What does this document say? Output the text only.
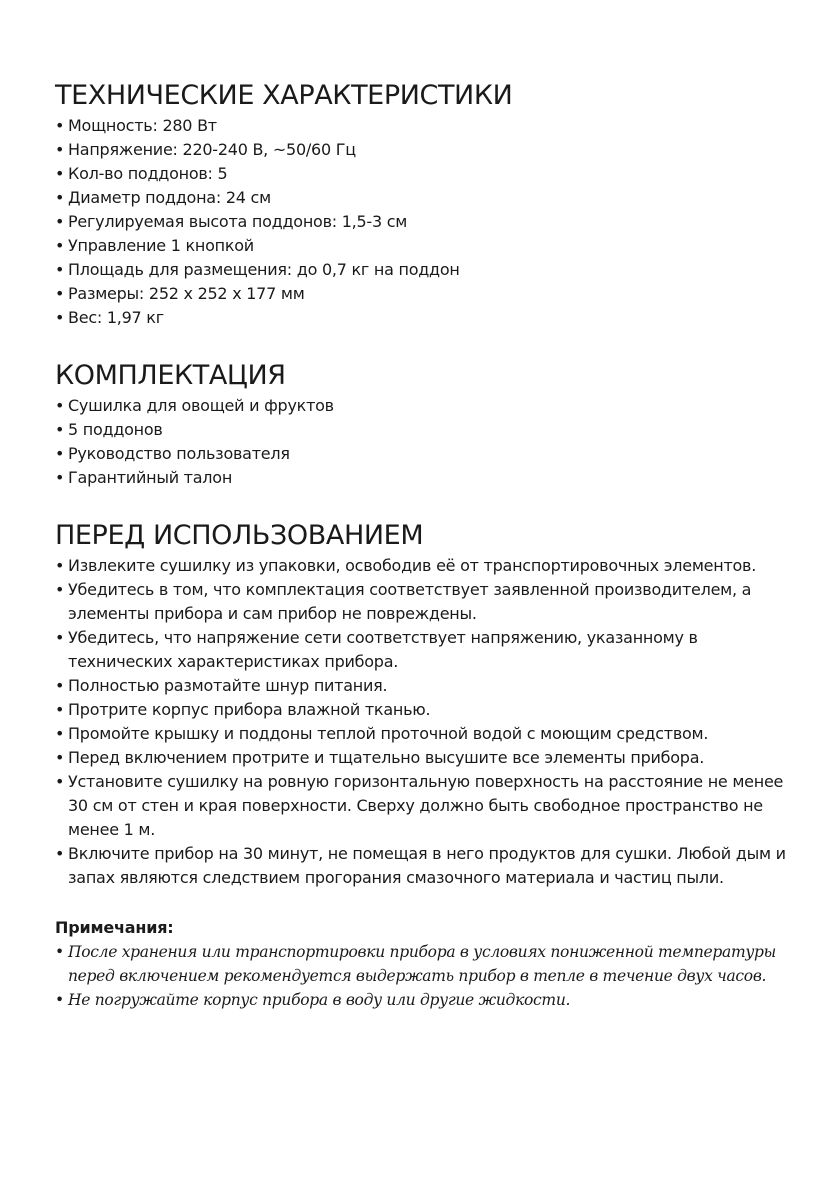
ТЕХНИЧЕСКИЕ ХАРАКТЕРИСТИКИ
• Мощность: 280 Вт
• Напряжение: 220-240 В, ~50/60 Гц
• Кол-во поддонов: 5
• Диаметр поддона: 24 см
• Регулируемая высота поддонов: 1,5-3 см
• Управление 1 кнопкой
• Площадь для размещения: до 0,7 кг на поддон
• Размеры: 252 x 252 x 177 мм
• Вес: 1,97 кг
КОМПЛЕКТАЦИЯ
• Сушилка для овощей и фруктов
• 5 поддонов
• Руководство пользователя
• Гарантийный талон
ПЕРЕД ИСПОЛЬЗОВАНИЕМ
• Извлеките сушилку из упаковки, освободив её от транспортировочных элементов.
• Убедитесь в том, что комплектация соответствует заявленной производителем, а элементы прибора и сам прибор не повреждены.
• Убедитесь, что напряжение сети соответствует напряжению, указанному в технических характеристиках прибора.
• Полностью размотайте шнур питания.
• Протрите корпус прибора влажной тканью.
• Промойте крышку и поддоны теплой проточной водой с моющим средством.
• Перед включением протрите и тщательно высушите все элементы прибора.
• Установите сушилку на ровную горизонтальную поверхность на расстояние не менее 30 см от стен и края поверхности. Сверху должно быть свободное пространство не менее 1 м.
• Включите прибор на 30 минут, не помещая в него продуктов для сушки. Любой дым и запах являются следствием прогорания смазочного материала и частиц пыли.
Примечания:
• После хранения или транспортировки прибора в условиях пониженной температуры перед включением рекомендуется выдержать прибор в тепле в течение двух часов.
• Не погружайте корпус прибора в воду или другие жидкости.
